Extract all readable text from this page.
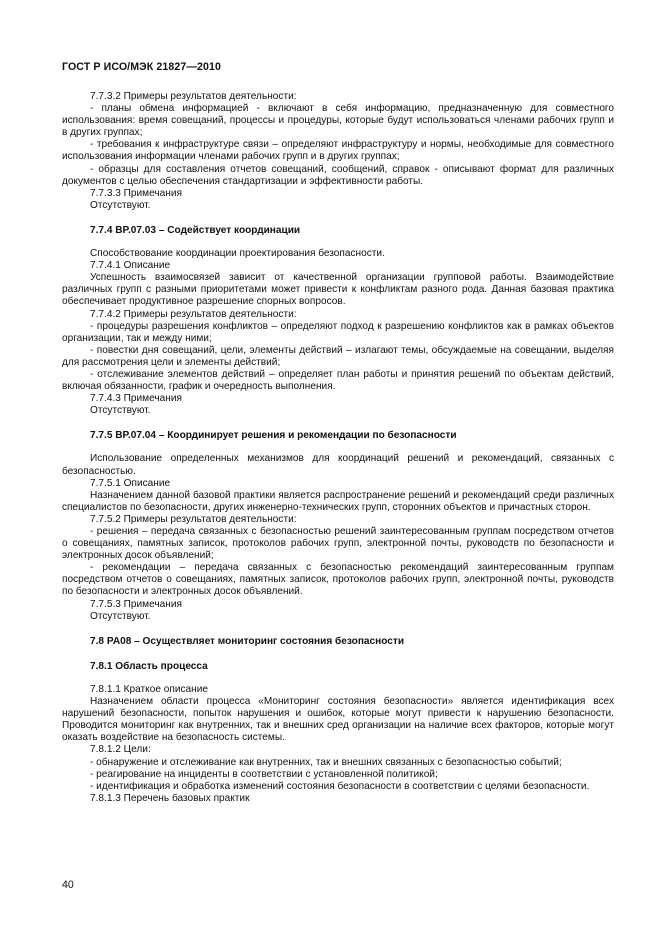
ГОСТ Р ИСО/МЭК 21827—2010

7.7.3.2 Примеры результатов деятельности:

- планы обмена информацией - включают в себя информацию, предназначенную для совместного использования: время совещаний, процессы и процедуры, которые будут использоваться членами рабочих групп и в других группах;

- требования к инфраструктуре связи – определяют инфраструктуру и нормы, необходимые для совместного использования информации членами рабочих групп и в других группах;

- образцы для составления отчетов совещаний, сообщений, справок - описывают формат для различных документов с целью обеспечения стандартизации и эффективности работы.

7.7.3.3 Примечания

Отсутствуют.

7.7.4 BP.07.03 – Содействует координации

Способствование координации проектирования безопасности.

7.7.4.1 Описание

Успешность взаимосвязей зависит от качественной организации групповой работы. Взаимодействие различных групп с разными приоритетами может привести к конфликтам разного рода. Данная базовая практика обеспечивает продуктивное разрешение спорных вопросов.

7.7.4.2 Примеры результатов деятельности:

- процедуры разрешения конфликтов – определяют подход к разрешению конфликтов как в рамках объектов организации, так и между ними;

- повестки дня совещаний, цели, элементы действий – излагают темы, обсуждаемые на совещании, выделяя для рассмотрения цели и элементы действий;

- отслеживание элементов действий – определяет план работы и принятия решений по объектам действий, включая обязанности, график и очередность выполнения.

7.7.4.3 Примечания

Отсутствуют.

7.7.5 BP.07.04 – Координирует решения и рекомендации по безопасности

Использование определенных механизмов для координаций решений и рекомендаций, связанных с безопасностью.

7.7.5.1 Описание

Назначением данной базовой практики является распространение решений и рекомендаций среди различных специалистов по безопасности, других инженерно-технических групп, сторонних объектов и причастных сторон.

7.7.5.2 Примеры результатов деятельности:

- решения – передача связанных с безопасностью решений заинтересованным группам посредством отчетов о совещаниях, памятных записок, протоколов рабочих групп, электронной почты, руководств по безопасности и электронных досок объявлений;

- рекомендации – передача связанных с безопасностью рекомендаций заинтересованным группам посредством отчетов о совещаниях, памятных записок, протоколов рабочих групп, электронной почты, руководств по безопасности и электронных досок объявлений.

7.7.5.3 Примечания

Отсутствуют.

7.8 PA08 – Осуществляет мониторинг состояния безопасности
7.8.1 Область процесса

7.8.1.1 Краткое описание

Назначением области процесса «Мониторинг состояния безопасности» является идентификация всех нарушений безопасности, попыток нарушения и ошибок, которые могут привести к нарушению безопасности. Проводится мониторинг как внутренних, так и внешних сред организации на наличие всех факторов, которые могут оказать воздействие на безопасность системы.

7.8.1.2 Цели:

- обнаружение и отслеживание как внутренних, так и внешних связанных с безопасностью событий;

- реагирование на инциденты в соответствии с установленной политикой;

- идентификация и обработка изменений состояния безопасности в соответствии с целями безопасности.

7.8.1.3 Перечень базовых практик

40
